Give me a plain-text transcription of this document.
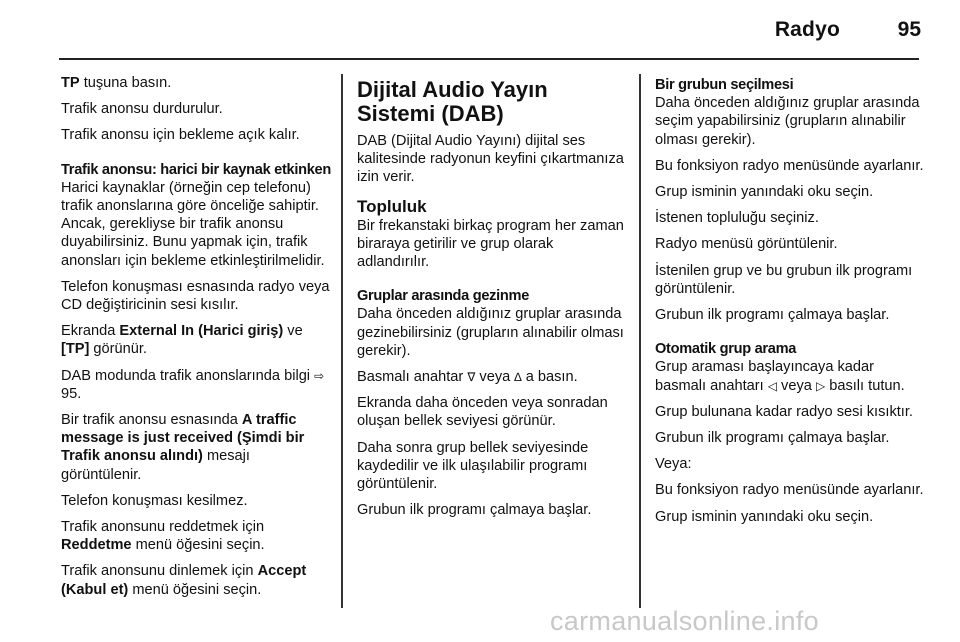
Radyo	95

TP tuşuna basın.

Trafik anonsu durdurulur.

Trafik anonsu için bekleme açık kalır.

Trafik anonsu: harici bir kaynak etkinken
Harici kaynaklar (örneğin cep telefonu) trafik anonslarına göre önceliğe sahiptir. Ancak, gerekliyse bir trafik anonsu duyabilirsiniz. Bunu yapmak için, trafik anonsları için bekleme etkinleştirilmelidir.

Telefon konuşması esnasında radyo veya CD değiştiricinin sesi kısılır.

Ekranda External In (Harici giriş) ve [TP] görünür.

DAB modunda trafik anonslarında bilgi ⇨ 95.

Bir trafik anonsu esnasında A traffic message is just received (Şimdi bir Trafik anonsu alındı) mesajı görüntülenir.

Telefon konuşması kesilmez.

Trafik anonsunu reddetmek için Reddetme menü öğesini seçin.

Trafik anonsunu dinlemek için Accept (Kabul et) menü öğesini seçin.

Dijital Audio Yayın Sistemi (DAB)

DAB (Dijital Audio Yayını) dijital ses kalitesinde radyonun keyfini çıkartmanıza izin verir.

Topluluk

Bir frekanstaki birkaç program her zaman biraraya getirilir ve grup olarak adlandırılır.

Gruplar arasında gezinme
Daha önceden aldığınız gruplar arasında gezinebilirsiniz (grupların alınabilir olması gerekir).

Basmalı anahtar ∇ veya ∆ a basın.

Ekranda daha önceden veya sonradan oluşan bellek seviyesi görünür.

Daha sonra grup bellek seviyesinde kaydedilir ve ilk ulaşılabilir programı görüntülenir.

Grubun ilk programı çalmaya başlar.

Bir grubun seçilmesi
Daha önceden aldığınız gruplar arasında seçim yapabilirsiniz (grupların alınabilir olması gerekir).

Bu fonksiyon radyo menüsünde ayarlanır.

Grup isminin yanındaki oku seçin.

İstenen topluluğu seçiniz.

Radyo menüsü görüntülenir.

İstenilen grup ve bu grubun ilk programı görüntülenir.

Grubun ilk programı çalmaya başlar.

Otomatik grup arama
Grup araması başlayıncaya kadar basmalı anahtarı ◁ veya ▷ basılı tutun.

Grup bulunana kadar radyo sesi kısıktır.

Grubun ilk programı çalmaya başlar.

Veya:

Bu fonksiyon radyo menüsünde ayarlanır.

Grup isminin yanındaki oku seçin.

carmanualsonline.info
